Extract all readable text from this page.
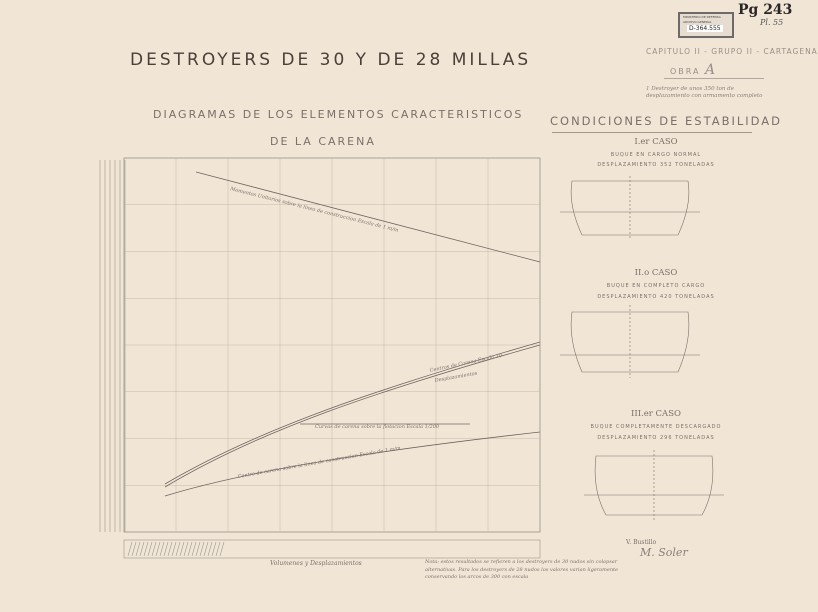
Pg 243
Pl. 55
MINISTERIO DE DEFENSA
ARCHIVO GENERAL
D-364.555
DESTROYERS DE 30 Y DE 28 MILLAS
DIAGRAMAS DE LOS ELEMENTOS CARACTERISTICOS
DE LA CARENA
CAPITULO II - GRUPO II - CARTAGENA
OBRA A
1 Destroyer de unos 350 ton de desplazamiento con armamento completo
CONDICIONES DE ESTABILIDAD
I.er CASO
BUQUE EN CARGO NORMAL
DESPLAZAMIENTO 352 TONELADAS
II.o CASO
BUQUE EN COMPLETO CARGO
DESPLAZAMIENTO 420 TONELADAS
III.er CASO
BUQUE COMPLETAMENTE DESCARGADO
DESPLAZAMIENTO 296 TONELADAS
V. Bustillo
M. Soler
Volumenes y Desplazamientos	Nota: estos resultados se refieren a los destroyers de 30 nudos sin colapsar alternativas. Para los destroyers de 28 nudos los valores varian ligeramente conservando los arcos de 300 con escala
Momentos Unitarios sobre la linea de construccion Escala de 1 m/m
Centros de Carena Escala 10
Desplazamientos
Curvas de carena sobre la flotacion Escala 1/200
Centro de carena sobre la linea de construccion Escala de 1 m/m
